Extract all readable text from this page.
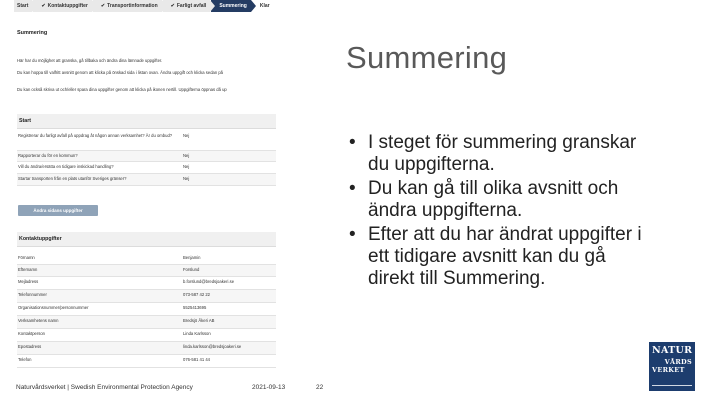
Start	✔ Kontaktuppgifter	✔ Transportinformation	✔ Farligt avfall	Summering	Klar
Summering
Här har du möjlighet att granska, gå tillbaka och ändra dina lämnade uppgifter.
Du kan hoppa till valfritt avsnitt genom att klicka på önskad sida i listan ovan. Ändra uppgift och klicka sedan på
Du kan också skriva ut och/eller spara dina uppgifter genom att klicka på ikonen nertill. Uppgifterna öppnas då up
Start
Registrerar du farligt avfall på uppdrag åt någon annan verksamhet? Är du ombud?	Nej
Rapporterar du för en kommun?	Nej
Vill du ändra/ersätta en tidigare inskickad handling?	Nej
Startar transporten från en plats utanför Sveriges gränser?	Nej
Ändra sidans uppgifter
Kontaktuppgifter
Förnamn	Benjamin
Efternamn	Forslund
Mejladress	b.forslund@bredsjoakeri.se
Telefonnummer	073-587 42 22
Organisationsnummer/personnummer	5525413695
Verksamhetens namn	Bredsjö Åkeri AB
Kontaktperson	Linda Karlsson
Epostadress	linda.karlsson@bredsjoakeri.se
Telefon	076-581 41 44
Summering
• I steget för summering granskar du uppgifterna.
• Du kan gå till olika avsnitt och ändra uppgifterna.
• Efter att du har ändrat uppgifter i ett tidigare avsnitt kan du gå direkt till Summering.
Naturvårdsverket | Swedish Environmental Protection Agency	2021-09-13	22
NATUR
VÅRDS
VERKET
